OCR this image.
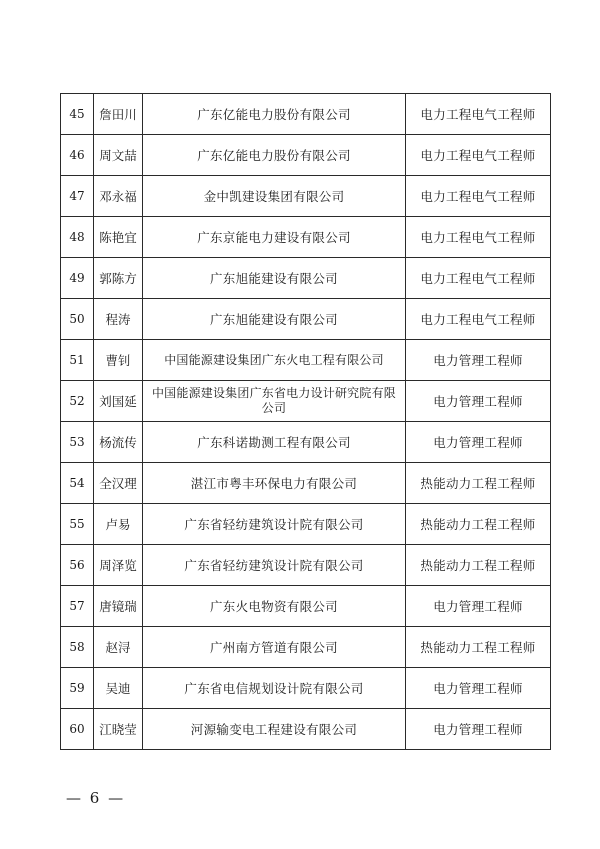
45	詹田川	广东亿能电力股份有限公司	电力工程电气工程师
46	周文喆	广东亿能电力股份有限公司	电力工程电气工程师
47	邓永福	金中凯建设集团有限公司	电力工程电气工程师
48	陈艳宜	广东京能电力建设有限公司	电力工程电气工程师
49	郭陈方	广东旭能建设有限公司	电力工程电气工程师
50	程涛	广东旭能建设有限公司	电力工程电气工程师
51	曹钊	中国能源建设集团广东火电工程有限公司	电力管理工程师
52	刘国延	中国能源建设集团广东省电力设计研究院有限公司	电力管理工程师
53	杨流传	广东科诺勘测工程有限公司	电力管理工程师
54	全汉理	湛江市粤丰环保电力有限公司	热能动力工程工程师
55	卢易	广东省轻纺建筑设计院有限公司	热能动力工程工程师
56	周泽览	广东省轻纺建筑设计院有限公司	热能动力工程工程师
57	唐镜瑞	广东火电物资有限公司	电力管理工程师
58	赵浔	广州南方管道有限公司	热能动力工程工程师
59	吴迪	广东省电信规划设计院有限公司	电力管理工程师
60	江晓莹	河源输变电工程建设有限公司	电力管理工程师
— 6 —
